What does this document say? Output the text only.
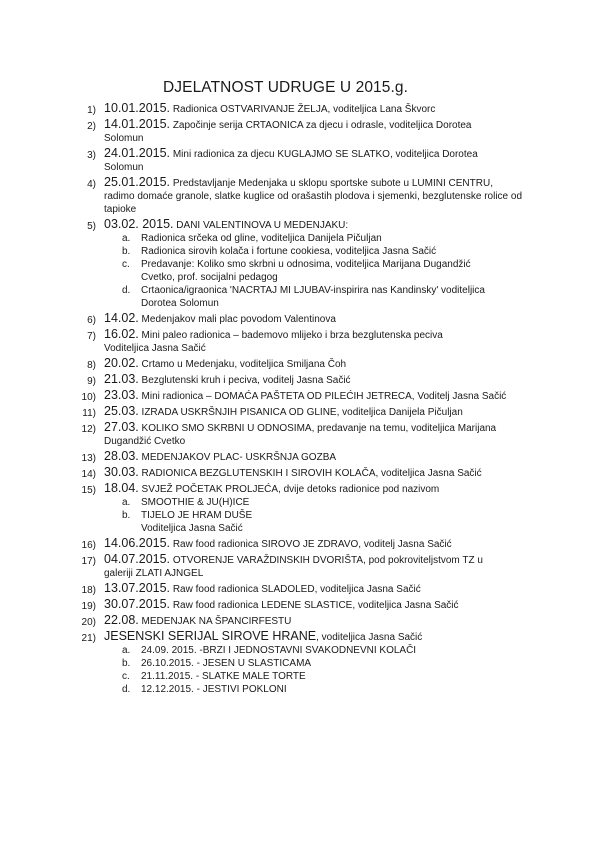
DJELATNOST UDRUGE U 2015.g.
1) 10.01.2015. Radionica OSTVARIVANJE ŽELJA, voditeljica Lana Škvorc
2) 14.01.2015. Započinje serija CRTAONICA za djecu i odrasle, voditeljica Dorotea
Solomun
3) 24.01.2015. Mini radionica za djecu KUGLAJMO SE SLATKO, voditeljica Dorotea
Solomun
4) 25.01.2015. Predstavljanje Medenjaka u sklopu sportske subote u LUMINI CENTRU,
radimo domaće granole, slatke kuglice od orašastih plodova i sjemenki, bezglutenske rolice od tapioke
5) 03.02. 2015. DANI VALENTINOVA U MEDENJAKU:
a. Radionica srčeka od gline, voditeljica Danijela Pičuljan
b. Radionica sirovih kolača i fortune cookiesa, voditeljica Jasna Sačić
c. Predavanje: Koliko smo skrbni u odnosima, voditeljica Marijana Dugandžić
Cvetko, prof. socijalni pedagog
d. Crtaonica/igraonica 'NACRTAJ MI LJUBAV-inspirira nas Kandinsky' voditeljica
Dorotea Solomun
6) 14.02. Medenjakov mali plac povodom Valentinova
7) 16.02. Mini paleo radionica – bademovo mlijeko i brza bezglutenska peciva
Voditeljica Jasna Sačić
8) 20.02. Crtamo u Medenjaku, voditeljica Smiljana Čoh
9) 21.03. Bezglutenski kruh i peciva, voditelj Jasna Sačić
10) 23.03. Mini radionica – DOMAĆA PAŠTETA OD PILEĆIH JETRECA, Voditelj Jasna Sačić
11) 25.03. IZRADA USKRŠNJIH PISANICA OD GLINE, voditeljica Danijela Pičuljan
12) 27.03. KOLIKO SMO SKRBNI U ODNOSIMA, predavanje na temu, voditeljica Marijana
Dugandžić Cvetko
13) 28.03. MEDENJAKOV PLAC- USKRŠNJA GOZBA
14) 30.03. RADIONICA BEZGLUTENSKIH I SIROVIH KOLAČA, voditeljica Jasna Sačić
15) 18.04. SVJEŽ POČETAK PROLJEĆA, dvije detoks radionice pod nazivom
a. SMOOTHIE & JU(H)ICE
b. TIJELO JE HRAM DUŠE
Voditeljica Jasna Sačić
16) 14.06.2015. Raw food radionica SIROVO JE ZDRAVO, voditelj Jasna Sačić
17) 04.07.2015. OTVORENJE VARAŽDINSKIH DVORIŠTA, pod pokroviteljstvom TZ u
galeriji ZLATI AJNGEL
18) 13.07.2015. Raw food radionica SLADOLED, voditeljica Jasna Sačić
19) 30.07.2015. Raw food radionica LEDENE SLASTICE, voditeljica Jasna Sačić
20) 22.08. MEDENJAK NA ŠPANCIRFESTU
21) JESENSKI SERIJAL SIROVE HRANE, voditeljica Jasna Sačić
a. 24.09. 2015. -BRZI I JEDNOSTAVNI SVAKODNEVNI KOLAČI
b. 26.10.2015. - JESEN U SLASTICAMA
c. 21.11.2015. - SLATKE MALE TORTE
d. 12.12.2015. - JESTIVI POKLONI
